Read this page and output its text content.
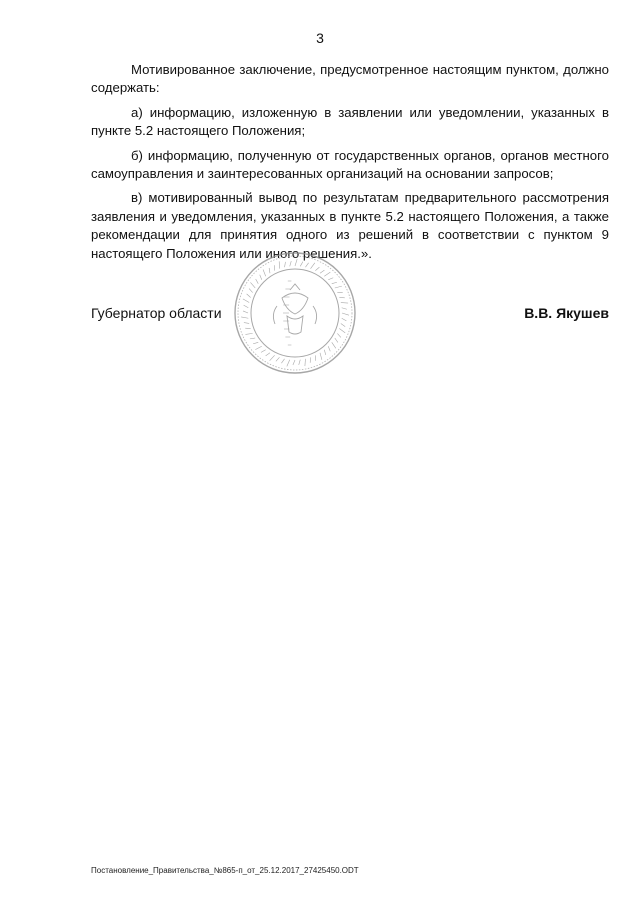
3

Мотивированное заключение, предусмотренное настоящим пунктом, должно содержать:

а) информацию, изложенную в заявлении или уведомлении, указанных в пункте 5.2 настоящего Положения;

б) информацию, полученную от государственных органов, органов местного самоуправления и заинтересованных организаций на основании запросов;

в) мотивированный вывод по результатам предварительного рассмотрения заявления и уведомления, указанных в пункте 5.2 настоящего Положения, а также рекомендации для принятия одного из решений в соответствии с пунктом 9 настоящего Положения или иного решения.».

Губернатор области	В.В. Якушев
Постановление_Правительства_№865-п_от_25.12.2017_27425450.ODT
